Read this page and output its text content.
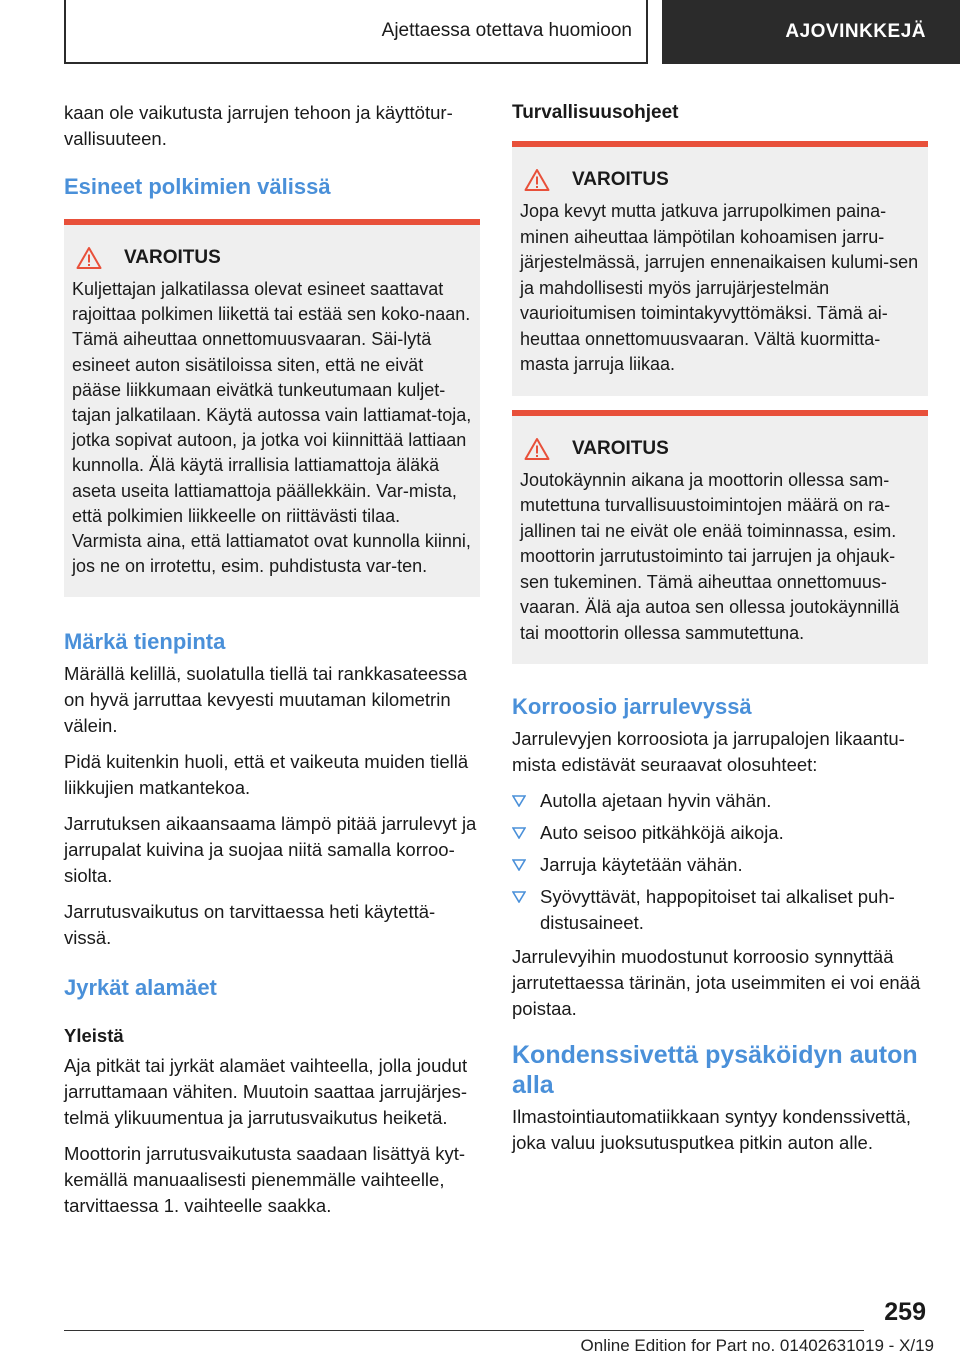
Ajettaessa otettava huomioon	AJOVINKKEJÄ

kaan ole vaikutusta jarrujen tehoon ja käyttötur-vallisuuteen.

Esineet polkimien välissä
VAROITUS

Kuljettajan jalkatilassa olevat esineet saattavat rajoittaa polkimen liikettä tai estää sen koko-naan. Tämä aiheuttaa onnettomuusvaaran. Säi-lytä esineet auton sisätiloissa siten, että ne eivät pääse liikkumaan eivätkä tunkeutumaan kuljet-tajan jalkatilaan. Käytä autossa vain lattiamat-toja, jotka sopivat autoon, ja jotka voi kiinnittää lattiaan kunnolla. Älä käytä irrallisia lattiamattoja äläkä aseta useita lattiamattoja päällekkäin. Var-mista, että polkimien liikkeelle on riittävästi tilaa. Varmista aina, että lattiamatot ovat kunnolla kiinni, jos ne on irrotettu, esim. puhdistusta var-ten.

Märkä tienpinta

Märällä kelillä, suolatulla tiellä tai rankkasateessa on hyvä jarruttaa kevyesti muutaman kilometrin välein.

Pidä kuitenkin huoli, että et vaikeuta muiden tiellä liikkujien matkantekoa.

Jarrutuksen aikaansaama lämpö pitää jarrulevyt ja jarrupalat kuivina ja suojaa niitä samalla korroo-siolta.

Jarrutusvaikutus on tarvittaessa heti käytettä-vissä.

Jyrkät alamäet
Yleistä

Aja pitkät tai jyrkät alamäet vaihteella, jolla joudut jarruttamaan vähiten. Muutoin saattaa jarrujärjes-telmä ylikuumentua ja jarrutusvaikutus heiketä.

Moottorin jarrutusvaikutusta saadaan lisättyä kyt-kemällä manuaalisesti pienemmälle vaihteelle, tarvittaessa 1. vaihteelle saakka.

Turvallisuusohjeet
VAROITUS

Jopa kevyt mutta jatkuva jarrupolkimen paina-minen aiheuttaa lämpötilan kohoamisen jarru-järjestelmässä, jarrujen ennenaikaisen kulumi-sen ja mahdollisesti myös jarrujärjestelmän vaurioitumisen toimintakyvyttömäksi. Tämä ai-heuttaa onnettomuusvaaran. Vältä kuormitta-masta jarruja liikaa.

VAROITUS

Joutokäynnin aikana ja moottorin ollessa sam-mutettuna turvallisuustoimintojen määrä on ra-jallinen tai ne eivät ole enää toiminnassa, esim. moottorin jarrutustoiminto tai jarrujen ja ohjauk-sen tukeminen. Tämä aiheuttaa onnettomuus-vaaran. Älä aja autoa sen ollessa joutokäynnillä tai moottorin ollessa sammutettuna.

Korroosio jarrulevyssä

Jarrulevyjen korroosiota ja jarrupalojen likaantu-mista edistävät seuraavat olosuhteet:

Autolla ajetaan hyvin vähän.
Auto seisoo pitkähköjä aikoja.
Jarruja käytetään vähän.
Syövyttävät, happopitoiset tai alkaliset puh-distusaineet.

Jarrulevyihin muodostunut korroosio synnyttää jarrutettaessa tärinän, jota useimmiten ei voi enää poistaa.

Kondenssivettä pysäköidyn auton alla

Ilmastointiautomatiikkaan syntyy kondenssivettä, joka valuu juoksutusputkea pitkin auton alle.

259
Online Edition for Part no. 01402631019 - X/19
